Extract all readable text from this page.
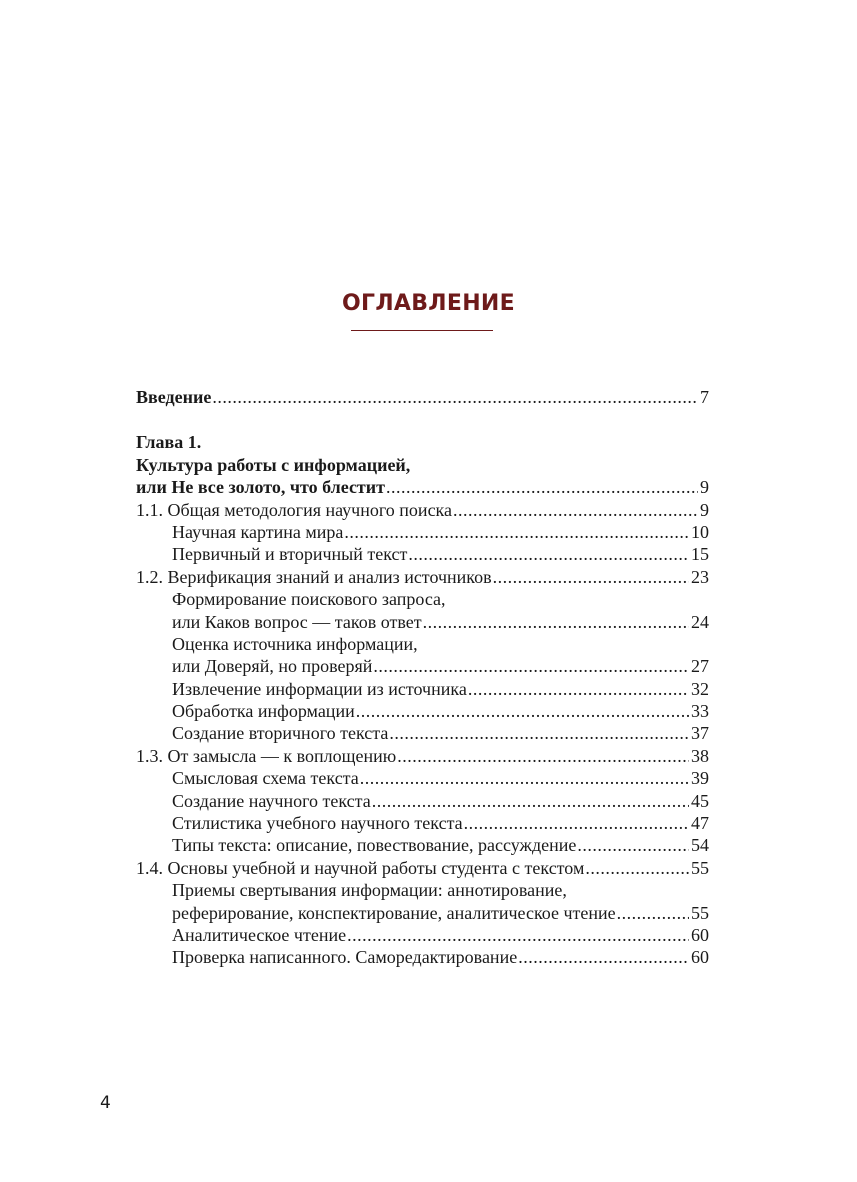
ОГЛАВЛЕНИЕ
Введение .....	7
Глава 1.
Культура работы с информацией,
или Не все золото, что блестит .....	9
1.1. Общая методология научного поиска .....	9
Научная картина мира .....	10
Первичный и вторичный текст .....	15
1.2. Верификация знаний и анализ источников .....	23
Формирование поискового запроса,
или Каков вопрос — таков ответ .....	24
Оценка источника информации,
или Доверяй, но проверяй .....	27
Извлечение информации из источника .....	32
Обработка информации .....	33
Создание вторичного текста .....	37
1.3. От замысла — к воплощению .....	38
Смысловая схема текста .....	39
Создание научного текста .....	45
Стилистика учебного научного текста .....	47
Типы текста: описание, повествование, рассуждение .....	54
1.4. Основы учебной и научной работы студента с текстом .....	55
Приемы свертывания информации: аннотирование,
реферирование, конспектирование, аналитическое чтение .....	55
Аналитическое чтение .....	60
Проверка написанного. Саморедактирование .....	60
4
